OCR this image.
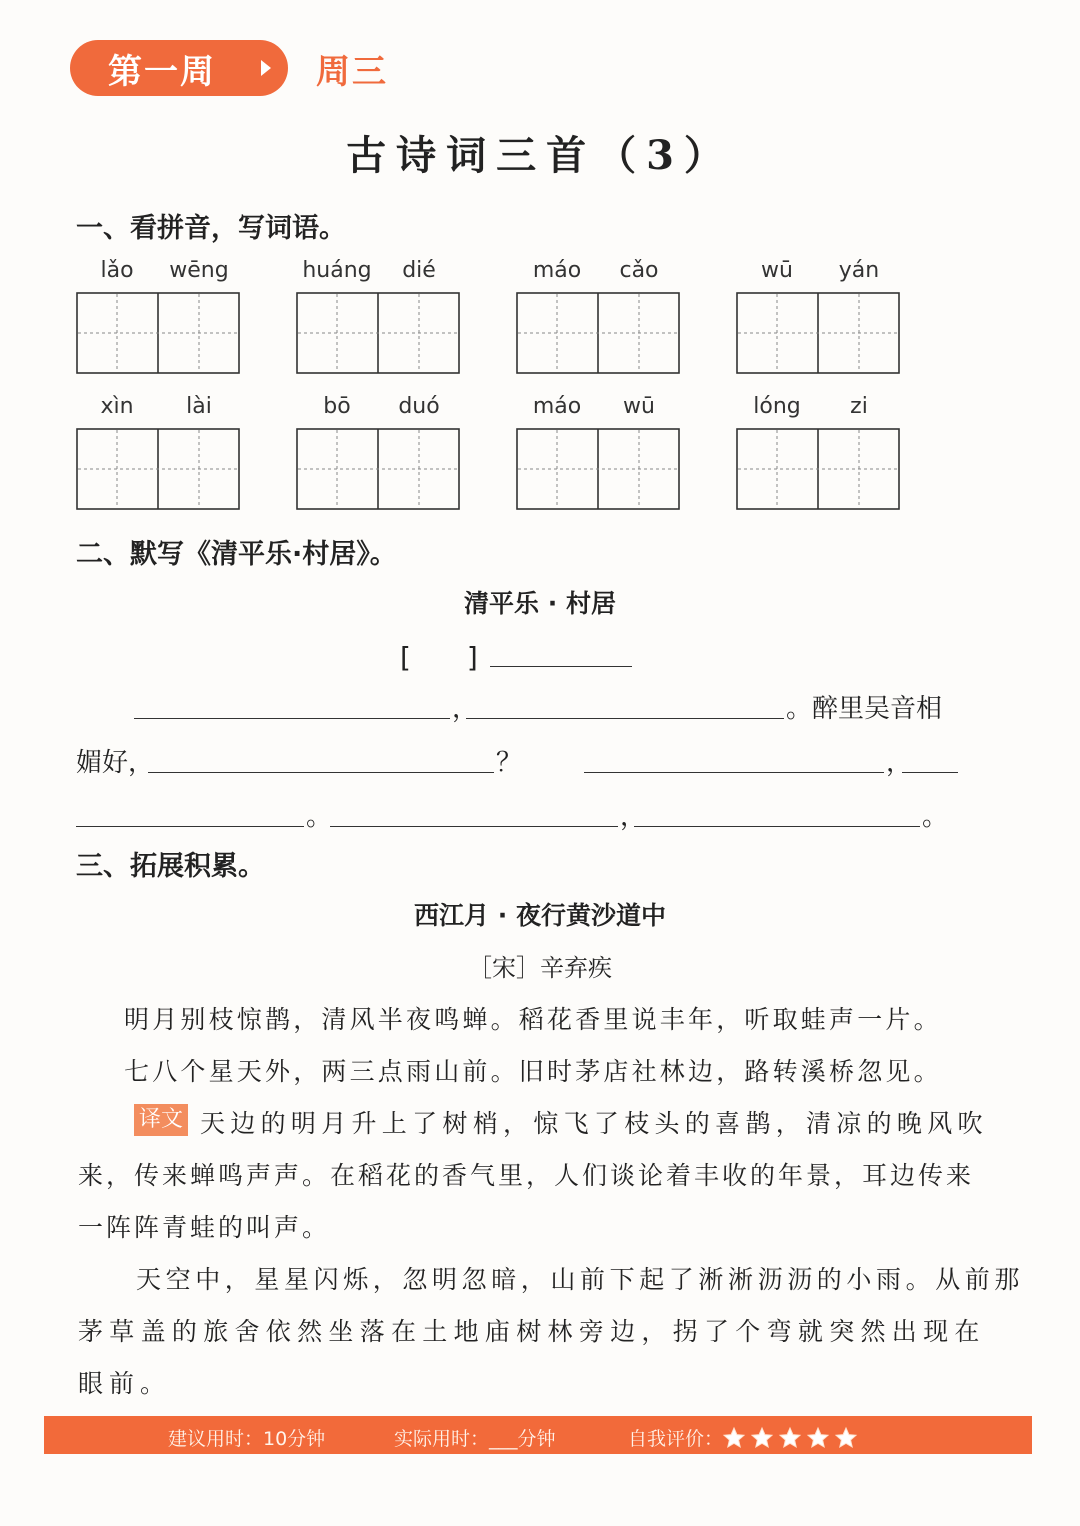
第一周	周三
古诗词三首（3）
一、看拼音，写词语。
lǎo	wēng	huáng	dié	máo	cǎo	wū	yán
xìn	lài	bō	duó	máo	wū	lóng	zi
二、默写《清平乐·村居》。
清平乐 · 村居
[　　]
，	。醉里吴音相
媚好，	？	，
。	，	。
三、拓展积累。
西江月 · 夜行黄沙道中
［宋］辛弃疾
明月别枝惊鹊，清风半夜鸣蝉。稻花香里说丰年，听取蛙声一片。
七八个星天外，两三点雨山前。旧时茅店社林边，路转溪桥忽见。
译文 天边的明月升上了树梢，惊飞了枝头的喜鹊，清凉的晚风吹
来，传来蝉鸣声声。在稻花的香气里，人们谈论着丰收的年景，耳边传来
一阵阵青蛙的叫声。
天空中，星星闪烁，忽明忽暗，山前下起了淅淅沥沥的小雨。从前那
茅草盖的旅舍依然坐落在土地庙树林旁边，拐了个弯就突然出现在
眼前。
建议用时：10分钟	实际用时：___分钟	自我评价：
